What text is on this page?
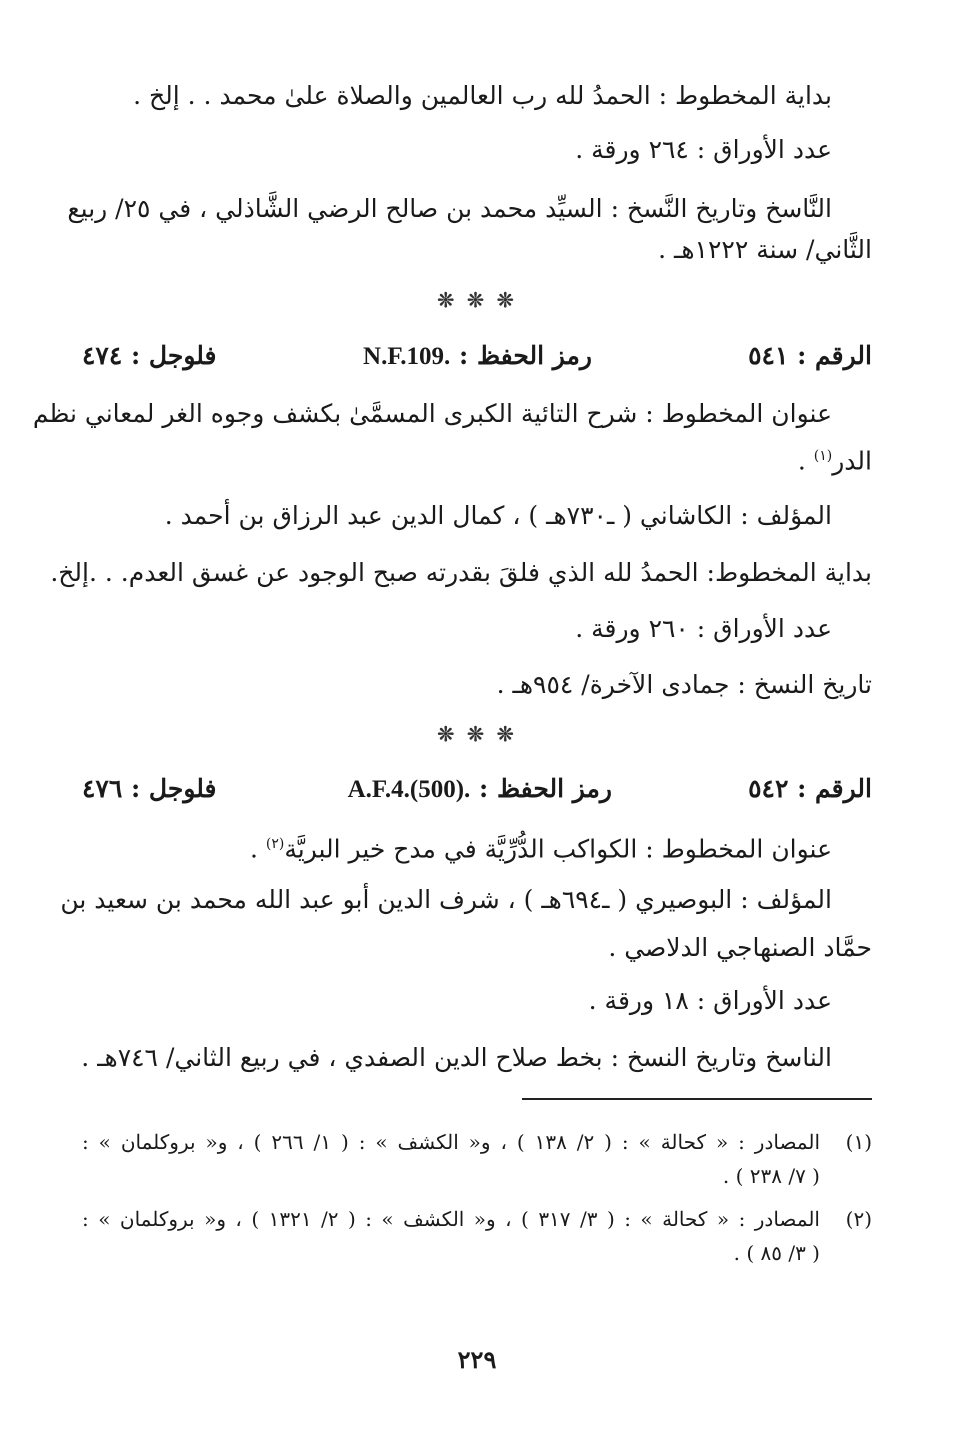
بداية المخطوط : الحمدُ لله رب العالمين والصلاة علىٰ محمد . . إلخ .
عدد الأوراق : ٢٦٤ ورقة .
النَّاسخ وتاريخ النَّسخ : السيِّد محمد بن صالح الرضي الشَّاذلي ، في ٢٥/ ربيع
الثَّاني/ سنة ١٢٢٢هـ .
❊ ❊ ❊
الرقم : ٥٤١
رمز الحفظ : N.F.109.
فلوجل : ٤٧٤
عنوان المخطوط : شرح التائية الكبرى المسمَّىٰ بكشف وجوه الغر لمعاني نظم
الدر$^{(١)}$ .
المؤلف : الكاشاني ( ـ٧٣٠هـ ) ، كمال الدين عبد الرزاق بن أحمد .
بداية المخطوط: الحمدُ لله الذي فلقَ بقدرته صبح الوجود عن غسق العدم. . .إلخ.
عدد الأوراق : ٢٦٠ ورقة .
تاريخ النسخ : جمادى الآخرة/ ٩٥٤هـ .
❊ ❊ ❊
الرقم : ٥٤٢
رمز الحفظ : A.F.4.(500).
فلوجل : ٤٧٦
عنوان المخطوط : الكواكب الدُّرِّيَّة في مدح خير البريَّة$^{(٢)}$ .
المؤلف : البوصيري ( ـ٦٩٤هـ ) ، شرف الدين أبو عبد الله محمد بن سعيد بن
حمَّاد الصنهاجي الدلاصي .
عدد الأوراق : ١٨ ورقة .
الناسخ وتاريخ النسخ : بخط صلاح الدين الصفدي ، في ربيع الثاني/ ٧٤٦هـ .
(١)
المصادر : « كحالة » : ( ٢/ ١٣٨ ) ، و« الكشف » : ( ١/ ٢٦٦ ) ، و« بروكلمان » :
( ٧/ ٢٣٨ ) .
(٢)
المصادر : « كحالة » : ( ٣/ ٣١٧ ) ، و« الكشف » : ( ٢/ ١٣٢١ ) ، و« بروكلمان » :
( ٣/ ٨٥ ) .
٢٢٩
